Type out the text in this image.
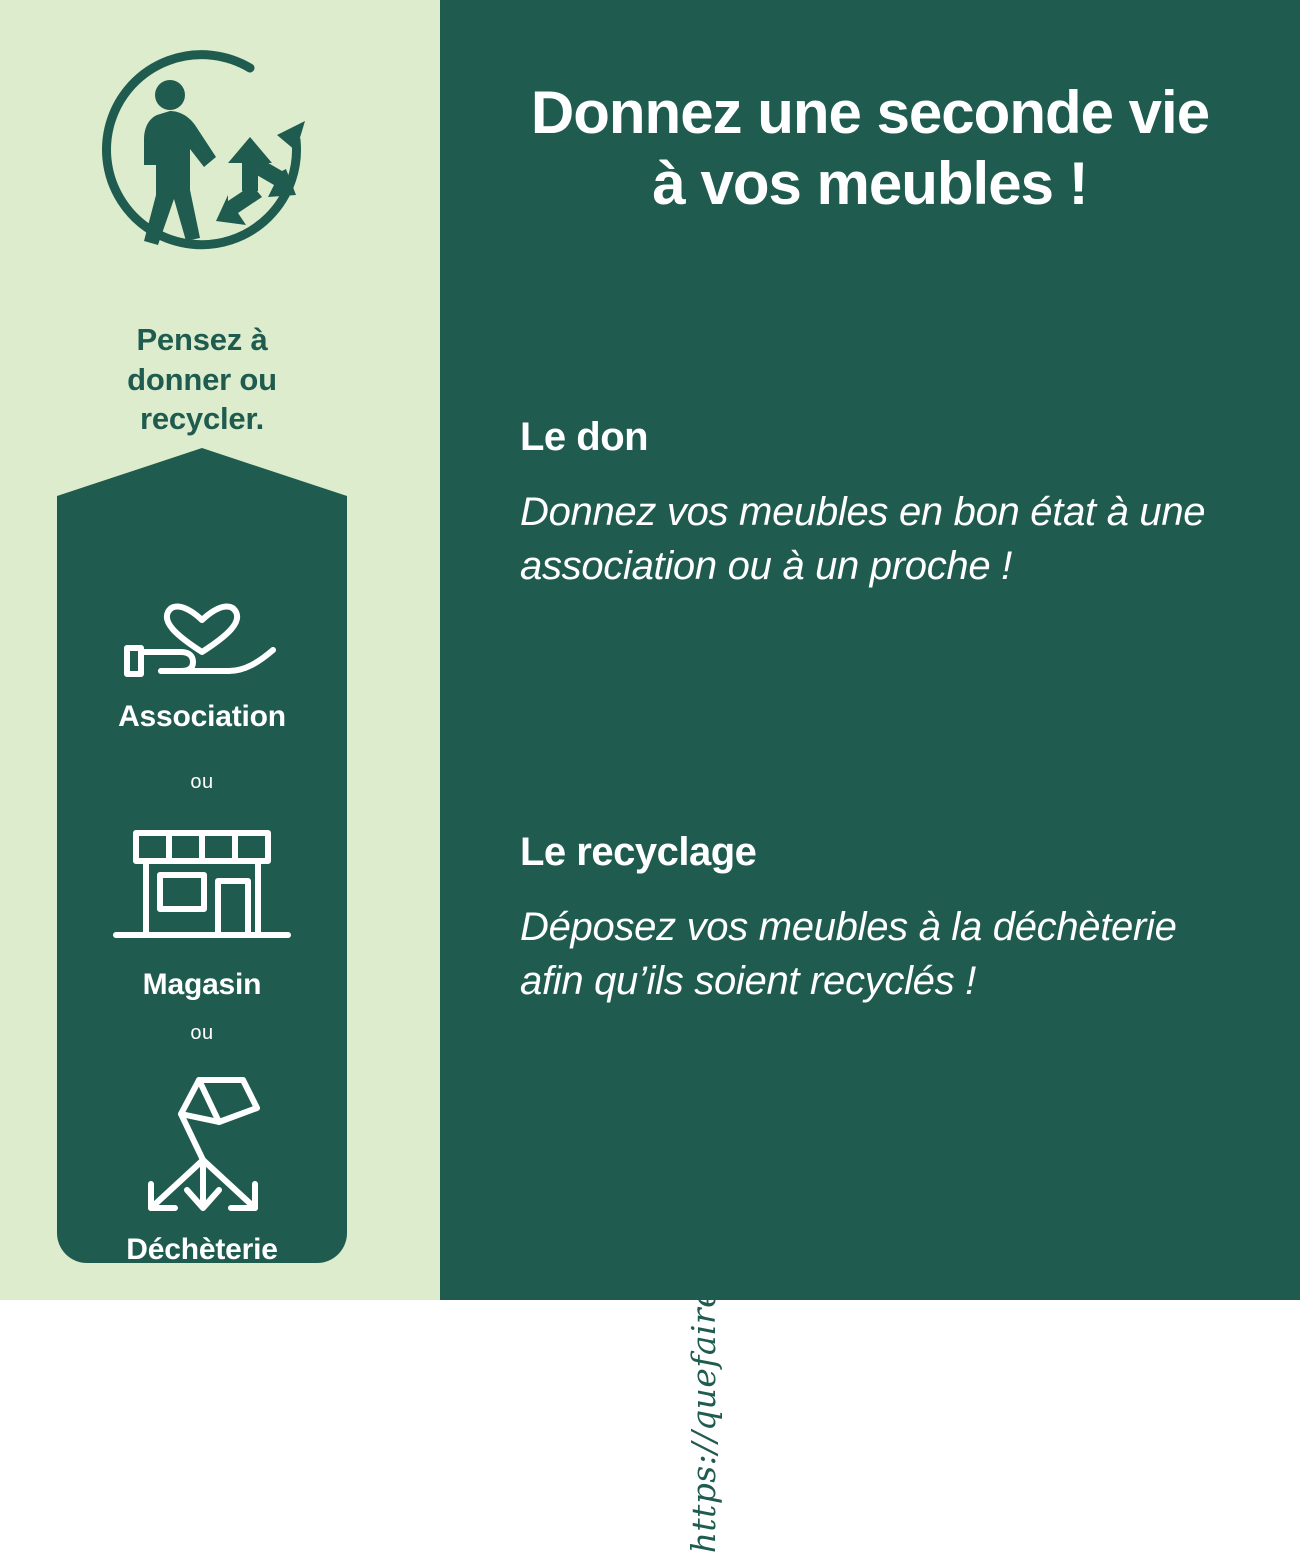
Pensez à
donner ou
recycler.
Association
ou
Magasin
ou
Déchèterie	https://quefairedemesdechets.fr
Donnez une seconde vie
à vos meubles !
Le don

Donnez vos meubles en bon état à une association ou à un proche !

Le recyclage

Déposez vos meubles à la déchèterie afin qu’ils soient recyclés !
